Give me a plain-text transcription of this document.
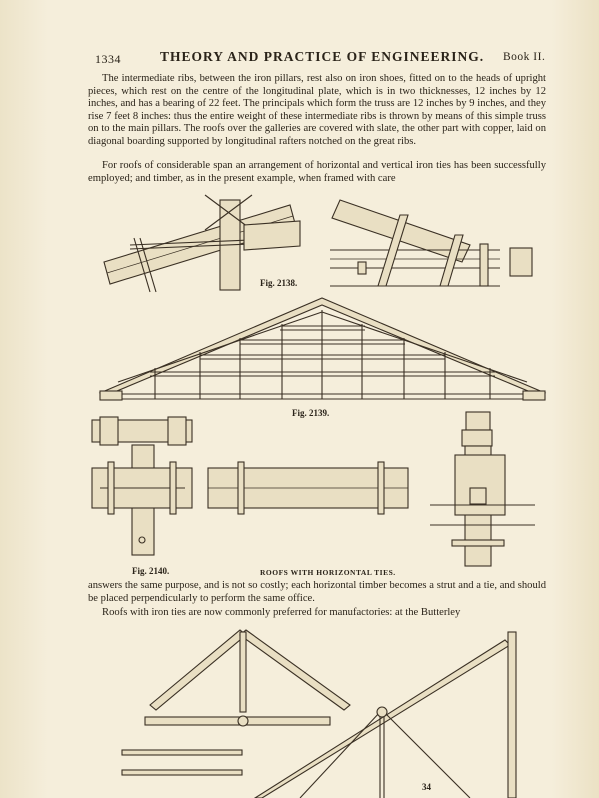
1334	THEORY AND PRACTICE OF ENGINEERING. Book II.
The intermediate ribs, between the iron pillars, rest also on iron shoes, fitted on to the heads of upright pieces, which rest on the centre of the longitudinal plate, which is in two thicknesses, 12 inches by 12 inches, and has a bearing of 22 feet. The principals which form the truss are 12 inches by 9 inches, and they rise 7 feet 8 inches: thus the entire weight of these intermediate ribs is thrown by means of this simple truss on to the main pillars. The roofs over the galleries are covered with slate, the other part with copper, laid on diagonal boarding supported by longitudinal rafters notched on the great ribs.
For roofs of considerable span an arrangement of horizontal and vertical iron ties has been successfully employed; and timber, as in the present example, when framed with care
Fig. 2138.
Fig. 2139.
Fig. 2140.	ROOFS WITH HORIZONTAL TIES.
answers the same purpose, and is not so costly; each horizontal timber becomes a strut and a tie, and should be placed perpendicularly to perform the same office.
Roofs with iron ties are now commonly preferred for manufactories: at the Butterley
34
